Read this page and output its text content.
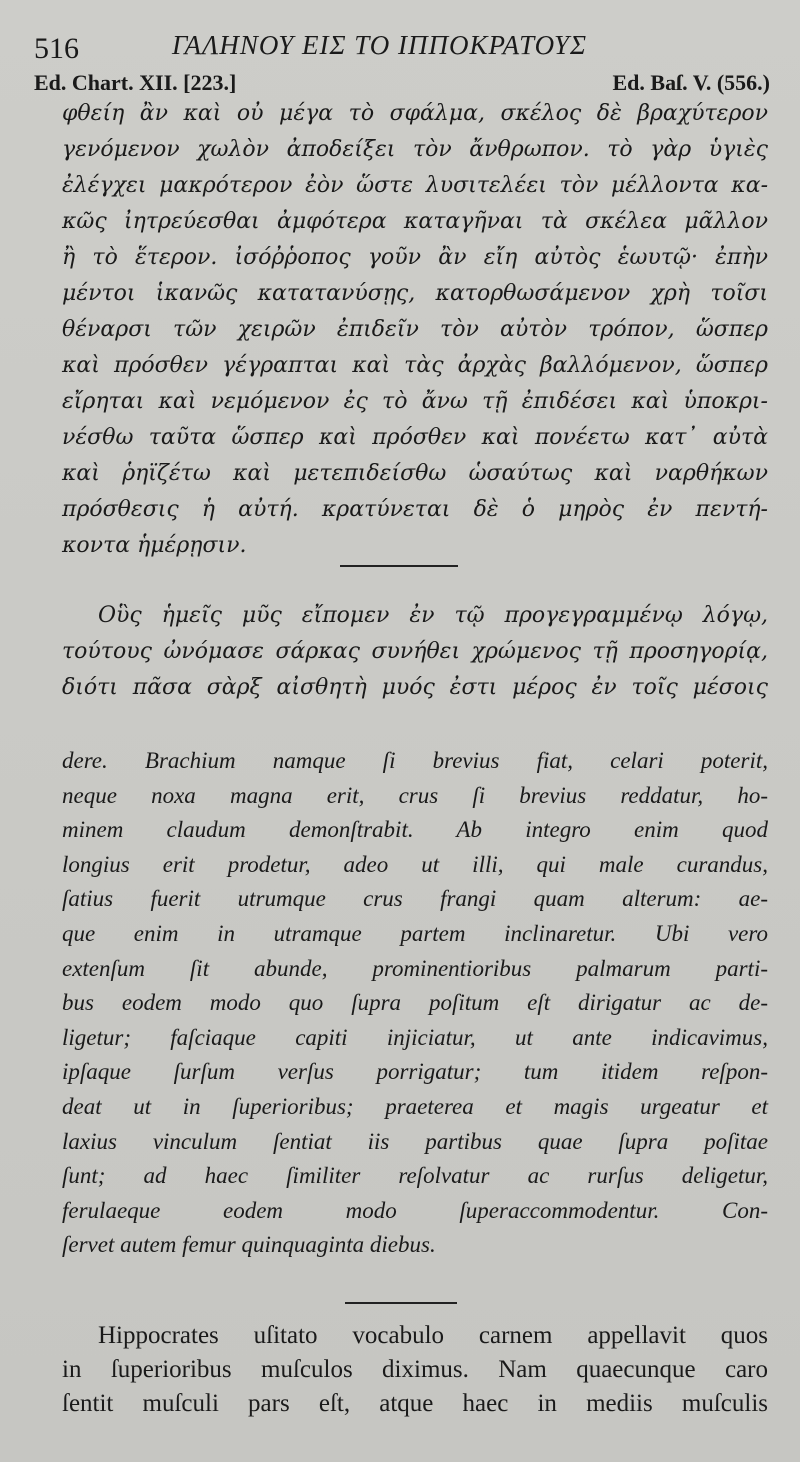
516	ΓΑΛΗΝΟΥ ΕΙΣ ΤΟ ΙΠΠΟΚΡΑΤΟΥΣ
Ed. Chart. XII. [223.]	Ed. Baſ. V. (556.)
φθείη ἂν καὶ οὐ μέγα τὸ σφάλμα, σκέλος δὲ βραχύτερον
γενόμενον χωλὸν ἀποδείξει τὸν ἄνθρωπον. τὸ γὰρ ὑγιὲς
ἐλέγχει μακρότερον ἐὸν ὥστε λυσιτελέει τὸν μέλλοντα κα-
κῶς ἰητρεύεσθαι ἀμφότερα καταγῆναι τὰ σκέλεα μᾶλλον
ἢ τὸ ἕτερον. ἰσόῤῥοπος γοῦν ἂν εἴη αὐτὸς ἑωυτῷ· ἐπὴν
μέντοι ἱκανῶς κατατανύσῃς, κατορθωσάμενον χρὴ τοῖσι
θέναρσι τῶν χειρῶν ἐπιδεῖν τὸν αὐτὸν τρόπον, ὥσπερ
καὶ πρόσθεν γέγραπται καὶ τὰς ἀρχὰς βαλλόμενον, ὥσπερ
εἴρηται καὶ νεμόμενον ἐς τὸ ἄνω τῇ ἐπιδέσει καὶ ὑποκρι-
νέσθω ταῦτα ὥσπερ καὶ πρόσθεν καὶ πονέετω κατ᾽ αὐτὰ
καὶ ῥηϊζέτω καὶ μετεπιδείσθω ὡσαύτως καὶ ναρθήκων
πρόσθεσις ἡ αὐτή. κρατύνεται δὲ ὁ μηρὸς ἐν πεντή-
κοντα ἡμέρῃσιν.
Οὓς ἡμεῖς μῦς εἴπομεν ἐν τῷ προγεγραμμένῳ λόγῳ,
τούτους ὠνόμασε σάρκας συνήθει χρώμενος τῇ προσηγορίᾳ,
διότι πᾶσα σὰρξ αἰσθητὴ μυός ἐστι μέρος ἐν τοῖς μέσοις
dere. Brachium namque ſi brevius fiat, celari poterit,
neque noxa magna erit, crus ſi brevius reddatur, ho-
minem claudum demonſtrabit. Ab integro enim quod
longius erit prodetur, adeo ut illi, qui male curandus,
ſatius fuerit utrumque crus frangi quam alterum: ae-
que enim in utramque partem inclinaretur. Ubi vero
extenſum ſit abunde, prominentioribus palmarum parti-
bus eodem modo quo ſupra poſitum eſt dirigatur ac de-
ligetur; faſciaque capiti injiciatur, ut ante indicavimus,
ipſaque ſurſum verſus porrigatur; tum itidem reſpon-
deat ut in ſuperioribus; praeterea et magis urgeatur et
laxius vinculum ſentiat iis partibus quae ſupra poſitae
ſunt; ad haec ſimiliter reſolvatur ac rurſus deligetur,
ferulaeque eodem modo ſuperaccommodentur. Con-
ſervet autem femur quinquaginta diebus.
Hippocrates uſitato vocabulo carnem appellavit quos
in ſuperioribus muſculos diximus. Nam quaecunque caro
ſentit muſculi pars eſt, atque haec in mediis muſculis
